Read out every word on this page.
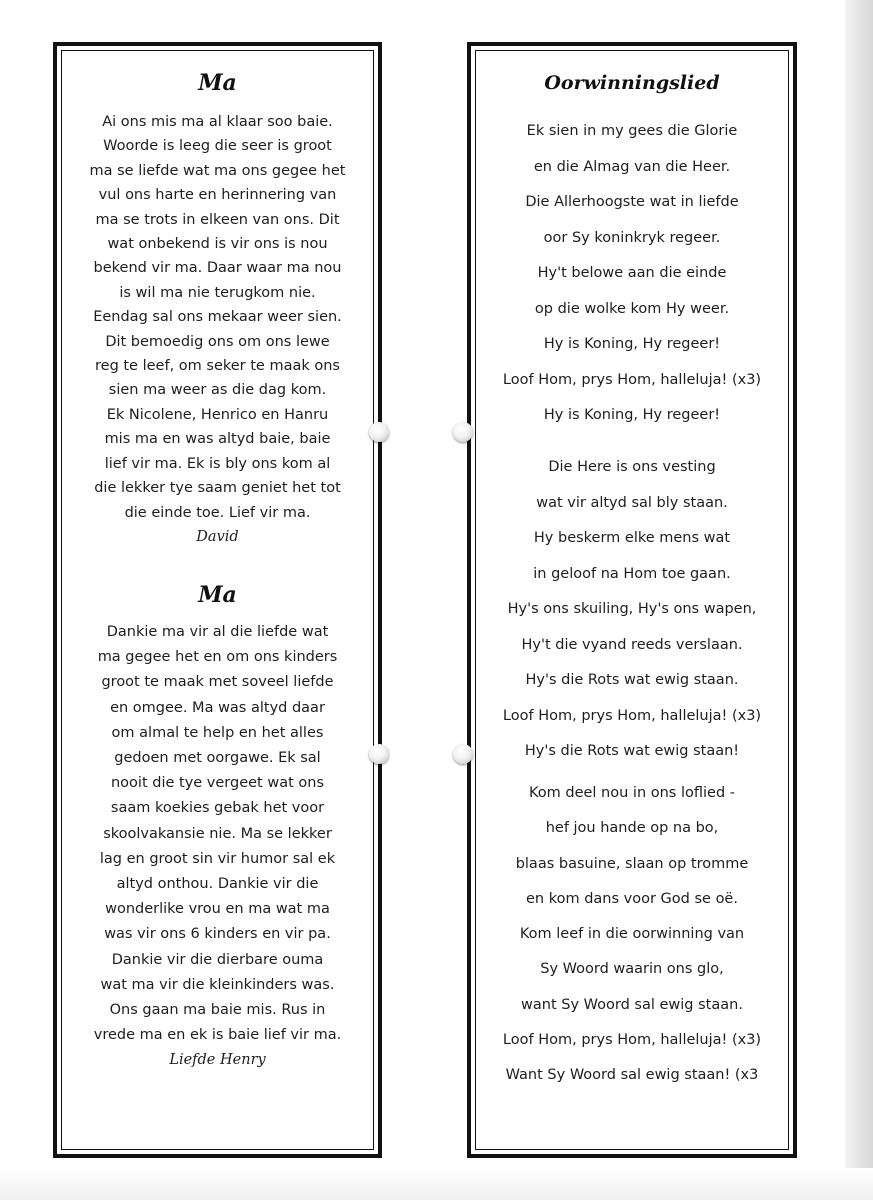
Ma

Ai ons mis ma al klaar soo baie.
Woorde is leeg die seer is groot
ma se liefde wat ma ons gegee het
vul ons harte en herinnering van
ma se trots in elkeen van ons. Dit
wat onbekend is vir ons is nou
bekend vir ma. Daar waar ma nou
is wil ma nie terugkom nie.
Eendag sal ons mekaar weer sien.
Dit bemoedig ons om ons lewe
reg te leef, om seker te maak ons
sien ma weer as die dag kom.
Ek Nicolene, Henrico en Hanru
mis ma en was altyd baie, baie
lief vir ma. Ek is bly ons kom al
die lekker tye saam geniet het tot
die einde toe. Lief vir ma.
David

Ma

Dankie ma vir al die liefde wat
ma gegee het en om ons kinders
groot te maak met soveel liefde
en omgee. Ma was altyd daar
om almal te help en het alles
gedoen met oorgawe. Ek sal
nooit die tye vergeet wat ons
saam koekies gebak het voor
skoolvakansie nie. Ma se lekker
lag en groot sin vir humor sal ek
altyd onthou. Dankie vir die
wonderlike vrou en ma wat ma
was vir ons 6 kinders en vir pa.
Dankie vir die dierbare ouma
wat ma vir die kleinkinders was.
Ons gaan ma baie mis. Rus in
vrede ma en ek is baie lief vir ma.
Liefde Henry

Oorwinningslied

Ek sien in my gees die Glorie
en die Almag van die Heer.
Die Allerhoogste wat in liefde
oor Sy koninkryk regeer.
Hy't belowe aan die einde
op die wolke kom Hy weer.
Hy is Koning, Hy regeer!
Loof Hom, prys Hom, halleluja! (x3)
Hy is Koning, Hy regeer!

Die Here is ons vesting
wat vir altyd sal bly staan.
Hy beskerm elke mens wat
in geloof na Hom toe gaan.
Hy's ons skuiling, Hy's ons wapen,
Hy't die vyand reeds verslaan.
Hy's die Rots wat ewig staan.
Loof Hom, prys Hom, halleluja! (x3)
Hy's die Rots wat ewig staan!

Kom deel nou in ons loflied -
hef jou hande op na bo,
blaas basuine, slaan op tromme
en kom dans voor God se oë.
Kom leef in die oorwinning van
Sy Woord waarin ons glo,
want Sy Woord sal ewig staan.
Loof Hom, prys Hom, halleluja! (x3)
Want Sy Woord sal ewig staan! (x3
